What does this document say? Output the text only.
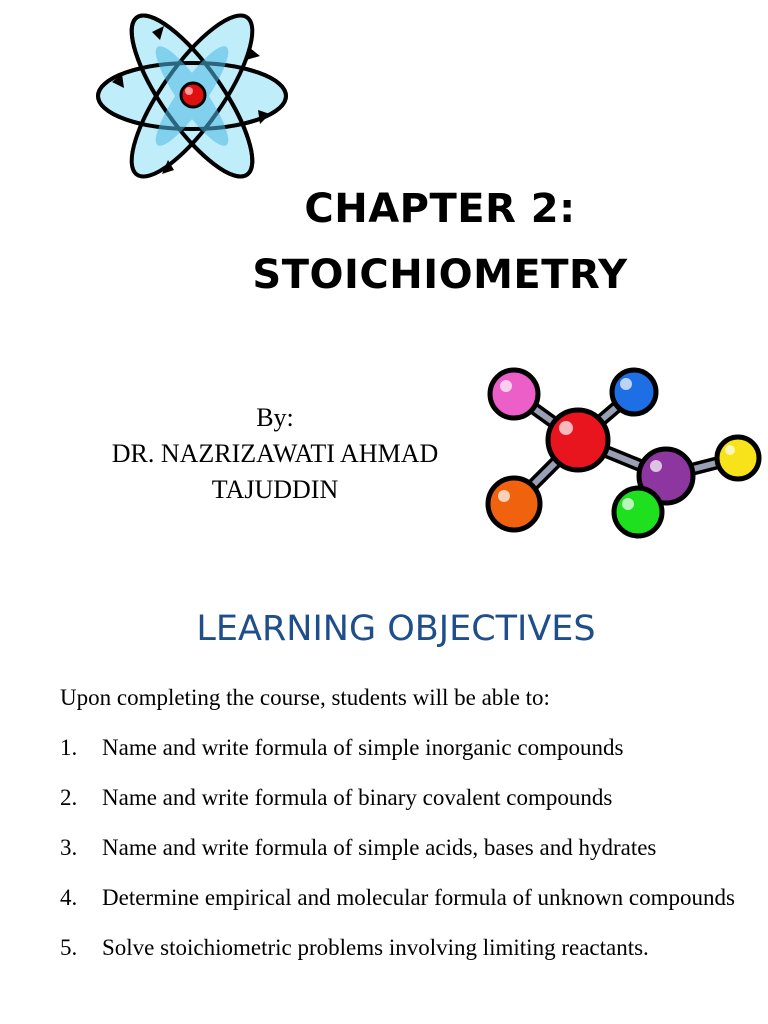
CHAPTER 2:
STOICHIOMETRY
By:
DR. NAZRIZAWATI AHMAD
TAJUDDIN
LEARNING OBJECTIVES
Upon completing the course, students will be able to:
1.	Name and write formula of simple inorganic compounds
2.	Name and write formula of binary covalent compounds
3.	Name and write formula of simple acids, bases and hydrates
4.	Determine empirical and molecular formula of unknown compounds
5.	Solve stoichiometric problems involving limiting reactants.
